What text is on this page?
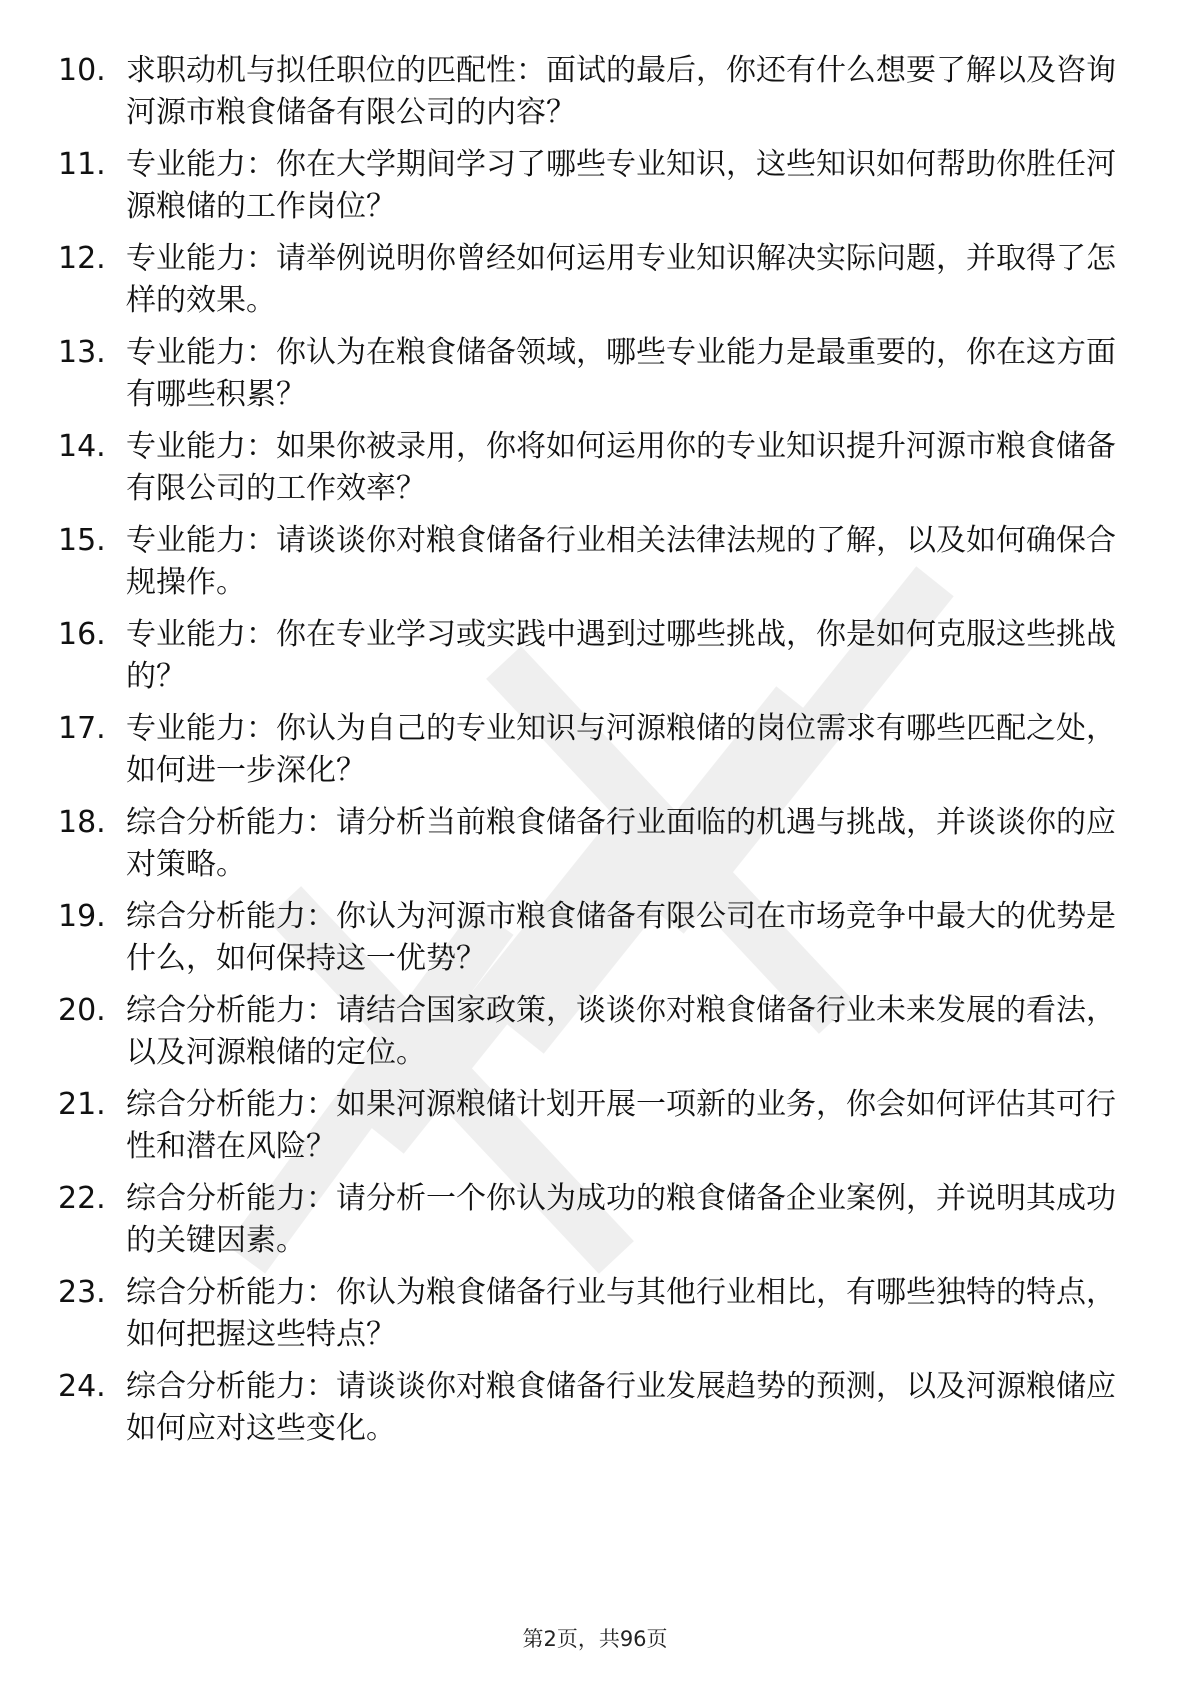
10. 求职动机与拟任职位的匹配性：面试的最后，你还有什么想要了解以及咨询河源市粮食储备有限公司的内容？
11. 专业能力：你在大学期间学习了哪些专业知识，这些知识如何帮助你胜任河源粮储的工作岗位？
12. 专业能力：请举例说明你曾经如何运用专业知识解决实际问题，并取得了怎样的效果。
13. 专业能力：你认为在粮食储备领域，哪些专业能力是最重要的，你在这方面有哪些积累？
14. 专业能力：如果你被录用，你将如何运用你的专业知识提升河源市粮食储备有限公司的工作效率？
15. 专业能力：请谈谈你对粮食储备行业相关法律法规的了解，以及如何确保合规操作。
16. 专业能力：你在专业学习或实践中遇到过哪些挑战，你是如何克服这些挑战的？
17. 专业能力：你认为自己的专业知识与河源粮储的岗位需求有哪些匹配之处，如何进一步深化？
18. 综合分析能力：请分析当前粮食储备行业面临的机遇与挑战，并谈谈你的应对策略。
19. 综合分析能力：你认为河源市粮食储备有限公司在市场竞争中最大的优势是什么，如何保持这一优势？
20. 综合分析能力：请结合国家政策，谈谈你对粮食储备行业未来发展的看法，以及河源粮储的定位。
21. 综合分析能力：如果河源粮储计划开展一项新的业务，你会如何评估其可行性和潜在风险？
22. 综合分析能力：请分析一个你认为成功的粮食储备企业案例，并说明其成功的关键因素。
23. 综合分析能力：你认为粮食储备行业与其他行业相比，有哪些独特的特点，如何把握这些特点？
24. 综合分析能力：请谈谈你对粮食储备行业发展趋势的预测，以及河源粮储应如何应对这些变化。
第2页，共96页
